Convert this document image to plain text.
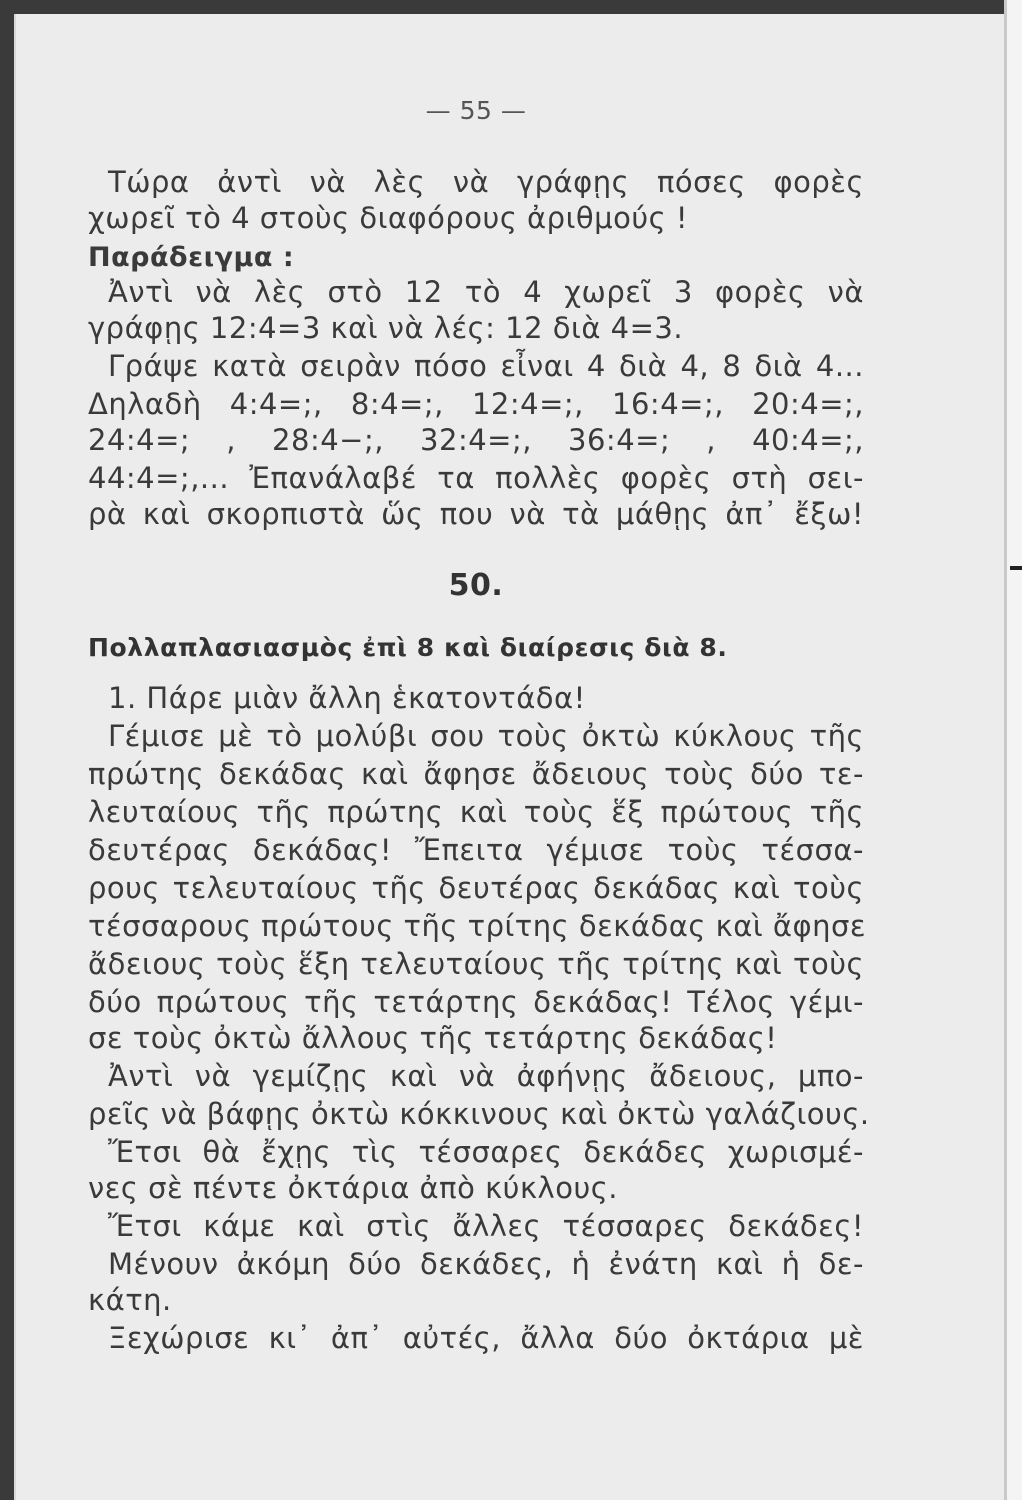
— 55 —
Τώρα ἀντὶ νὰ λὲς νὰ γράφῃς πόσες φορὲς
χωρεῖ τὸ 4 στοὺς διαφόρους ἀριθμούς !
Παράδειγμα :
Ἀντὶ νὰ λὲς στὸ 12 τὸ 4 χωρεῖ 3 φορὲς νὰ
γράφῃς 12:4=3 καὶ νὰ λές: 12 διὰ 4=3.
Γράψε κατὰ σειρὰν πόσο εἶναι 4 διὰ 4, 8 διὰ 4...
Δηλαδὴ 4:4=;, 8:4=;, 12:4=;, 16:4=;, 20:4=;,
24:4=; , 28:4−;, 32:4=;, 36:4=; , 40:4=;,
44:4=;,... Ἐπανάλαβέ τα πολλὲς φορὲς στὴ σει-
ρὰ καὶ σκορπιστὰ ὥς που νὰ τὰ μάθῃς ἀπ᾽ ἔξω!
50.
Πολλαπλασιασμὸς ἐπὶ 8 καὶ διαίρεσις διὰ 8.
1. Πάρε μιὰν ἄλλη ἑκατοντάδα!
Γέμισε μὲ τὸ μολύβι σου τοὺς ὀκτὼ κύκλους τῆς
πρώτης δεκάδας καὶ ἄφησε ἄδειους τοὺς δύο τε-
λευταίους τῆς πρώτης καὶ τοὺς ἕξ πρώτους τῆς
δευτέρας δεκάδας! Ἔπειτα γέμισε τοὺς τέσσα-
ρους τελευταίους τῆς δευτέρας δεκάδας καὶ τοὺς
τέσσαρους πρώτους τῆς τρίτης δεκάδας καὶ ἄφησε
ἄδειους τοὺς ἕξη τελευταίους τῆς τρίτης καὶ τοὺς
δύο πρώτους τῆς τετάρτης δεκάδας! Τέλος γέμι-
σε τοὺς ὀκτὼ ἄλλους τῆς τετάρτης δεκάδας!
Ἀντὶ νὰ γεμίζῃς καὶ νὰ ἀφήνῃς ἄδειους, μπο-
ρεῖς νὰ βάφῃς ὀκτὼ κόκκινους καὶ ὀκτὼ γαλάζιους.
Ἔτσι θὰ ἔχῃς τὶς τέσσαρες δεκάδες χωρισμέ-
νες σὲ πέντε ὀκτάρια ἀπὸ κύκλους.
Ἔτσι κάμε καὶ στὶς ἄλλες τέσσαρες δεκάδες!
Μένουν ἀκόμη δύο δεκάδες, ἡ ἐνάτη καὶ ἡ δε-
κάτη.
Ξεχώρισε κι᾽ ἀπ᾽ αὐτές, ἄλλα δύο ὀκτάρια μὲ
